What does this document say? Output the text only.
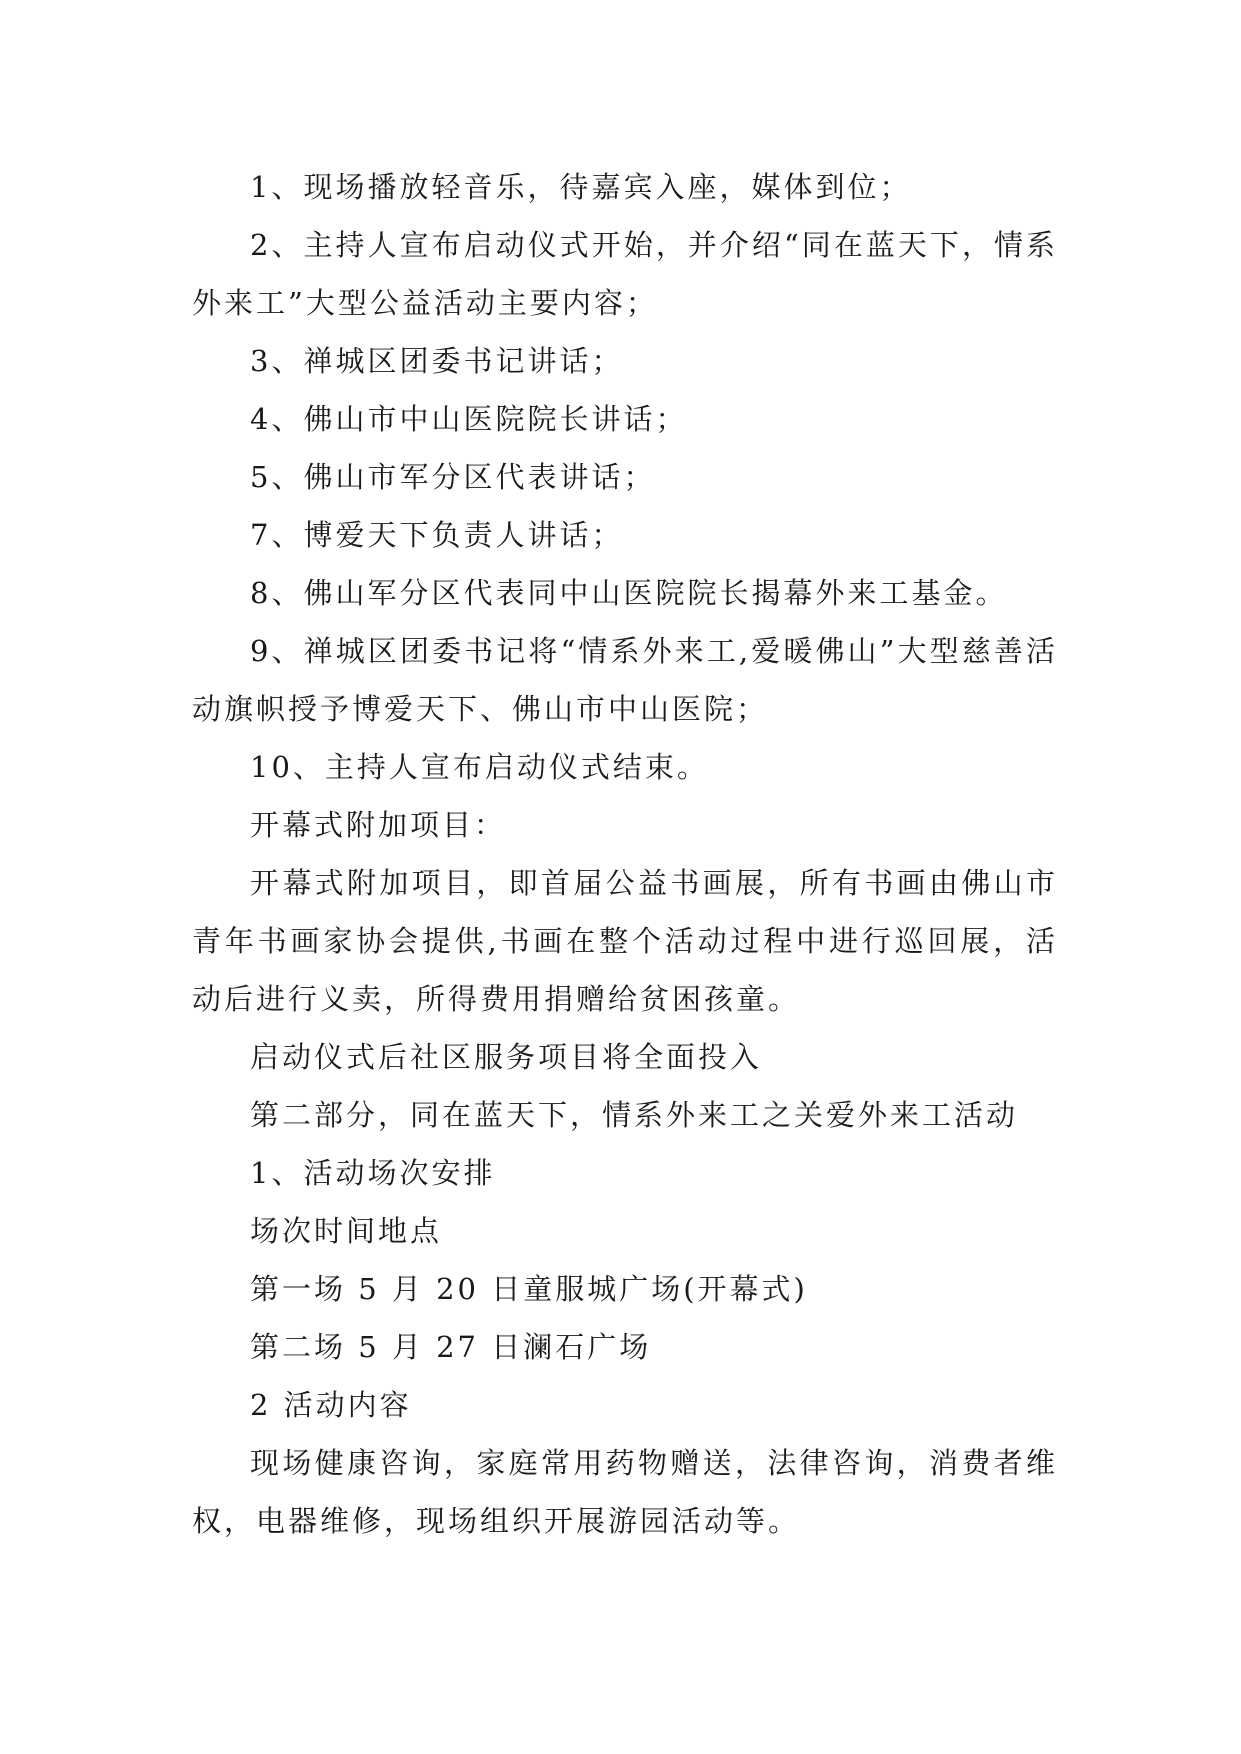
1、现场播放轻音乐，待嘉宾入座，媒体到位；

2、主持人宣布启动仪式开始，并介绍“同在蓝天下，情系外来工”大型公益活动主要内容；

3、禅城区团委书记讲话；

4、佛山市中山医院院长讲话；

5、佛山市军分区代表讲话；

7、博爱天下负责人讲话；

8、佛山军分区代表同中山医院院长揭幕外来工基金。

9、禅城区团委书记将“情系外来工,爱暖佛山”大型慈善活动旗帜授予博爱天下、佛山市中山医院；

10、主持人宣布启动仪式结束。

开幕式附加项目：

开幕式附加项目，即首届公益书画展，所有书画由佛山市青年书画家协会提供,书画在整个活动过程中进行巡回展，活动后进行义卖，所得费用捐赠给贫困孩童。

启动仪式后社区服务项目将全面投入

第二部分，同在蓝天下，情系外来工之关爱外来工活动

1、活动场次安排

场次时间地点

第一场 5 月 20 日童服城广场(开幕式)

第二场 5 月 27 日澜石广场

2 活动内容

现场健康咨询，家庭常用药物赠送，法律咨询，消费者维权，电器维修，现场组织开展游园活动等。
